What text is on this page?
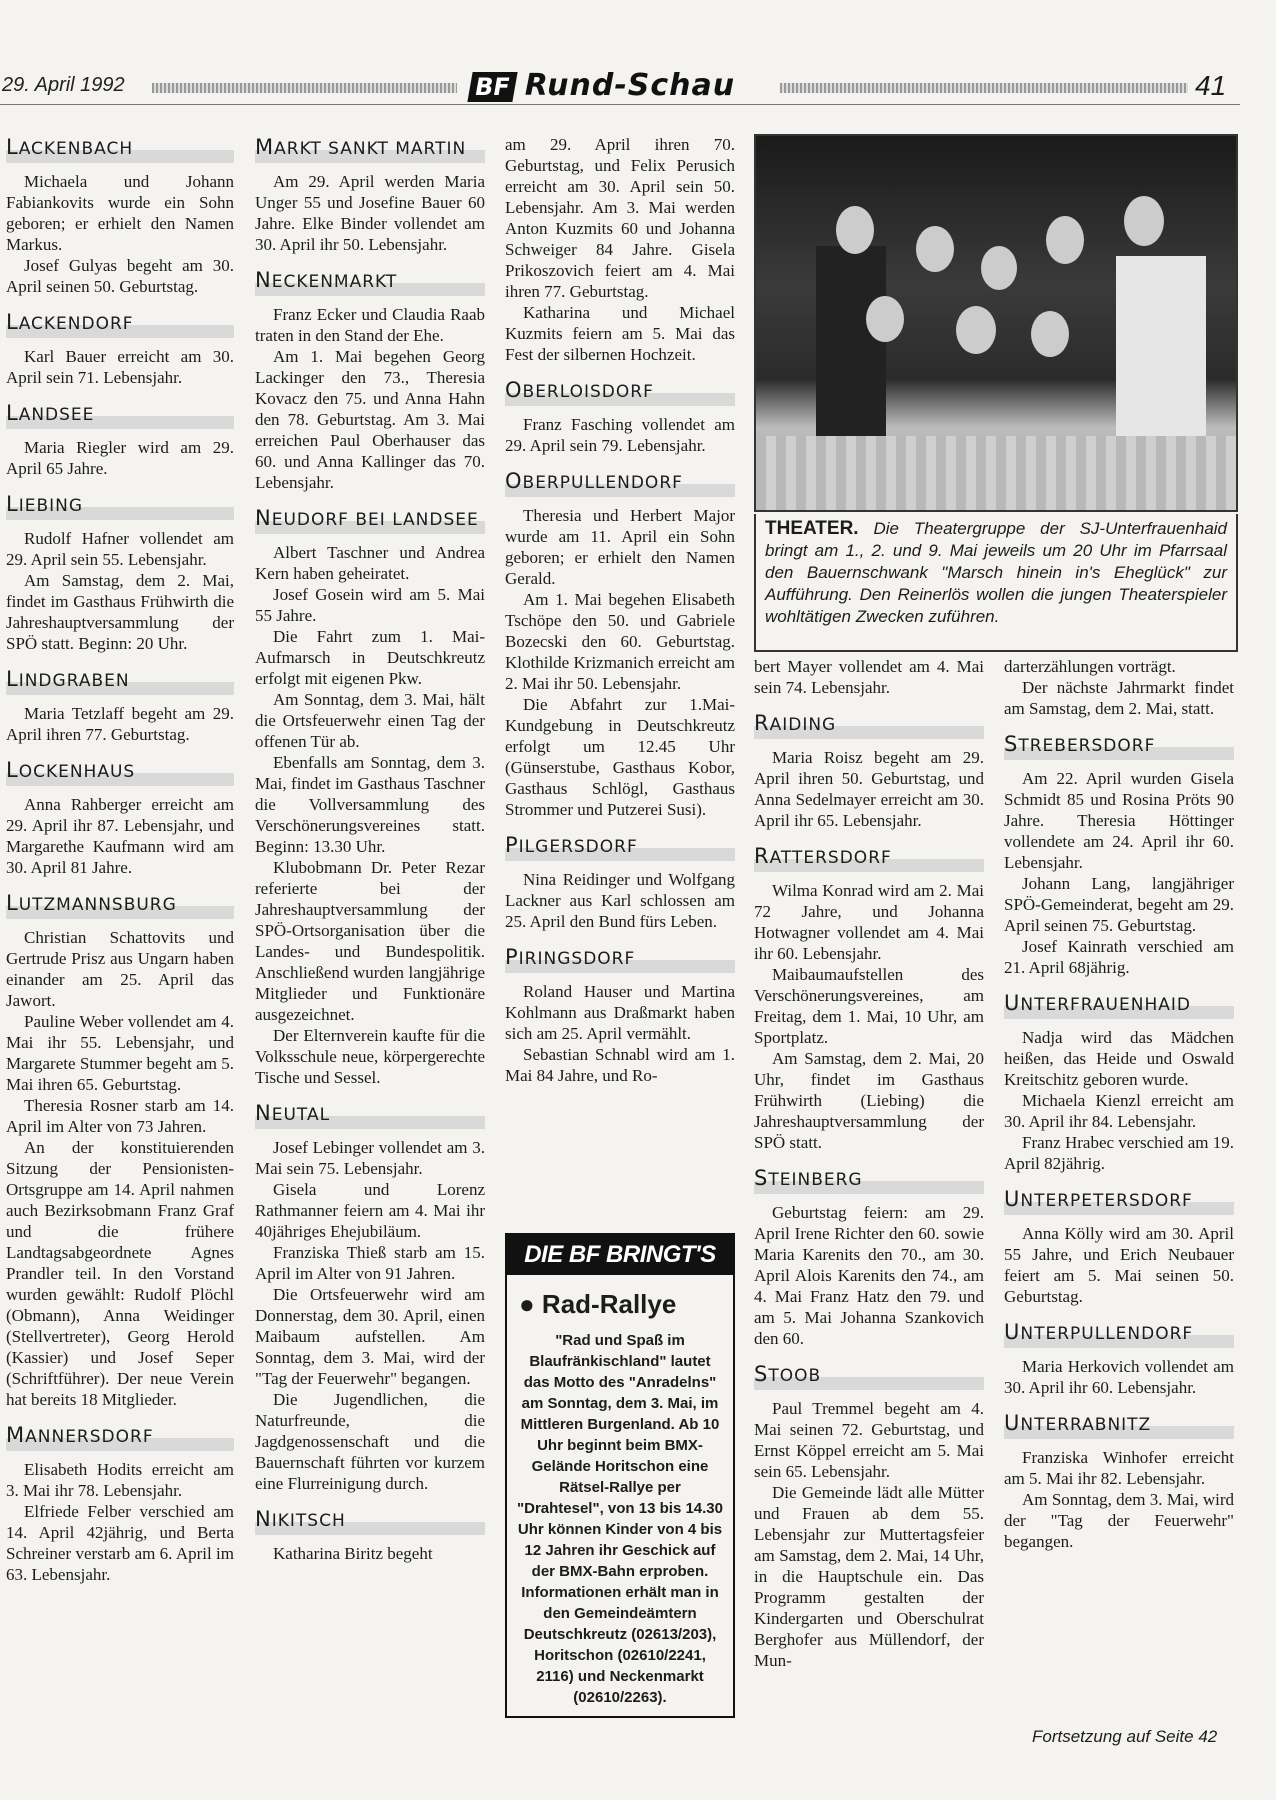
29. April 1992	BF Rund-Schau	41
LACKENBACH

Michaela und Johann Fabiankovits wurde ein Sohn geboren; er erhielt den Namen Markus.

Josef Gulyas begeht am 30. April seinen 50. Geburtstag.

LACKENDORF

Karl Bauer erreicht am 30. April sein 71. Lebensjahr.

LANDSEE

Maria Riegler wird am 29. April 65 Jahre.

LIEBING

Rudolf Hafner vollendet am 29. April sein 55. Lebensjahr.

Am Samstag, dem 2. Mai, findet im Gasthaus Frühwirth die Jahreshauptversammlung der SPÖ statt. Beginn: 20 Uhr.

LINDGRABEN

Maria Tetzlaff begeht am 29. April ihren 77. Geburtstag.

LOCKENHAUS

Anna Rahberger erreicht am 29. April ihr 87. Lebensjahr, und Margarethe Kaufmann wird am 30. April 81 Jahre.

LUTZMANNSBURG

Christian Schattovits und Gertrude Prisz aus Ungarn haben einander am 25. April das Jawort.

Pauline Weber vollendet am 4. Mai ihr 55. Lebensjahr, und Margarete Stummer begeht am 5. Mai ihren 65. Geburtstag.

Theresia Rosner starb am 14. April im Alter von 73 Jahren.

An der konstituierenden Sitzung der Pensionisten-Ortsgruppe am 14. April nahmen auch Bezirksobmann Franz Graf und die frühere Landtagsabgeordnete Agnes Prandler teil. In den Vorstand wurden gewählt: Rudolf Plöchl (Obmann), Anna Weidinger (Stellvertreter), Georg Herold (Kassier) und Josef Seper (Schriftführer). Der neue Verein hat bereits 18 Mitglieder.

MANNERSDORF

Elisabeth Hodits erreicht am 3. Mai ihr 78. Lebensjahr.

Elfriede Felber verschied am 14. April 42jährig, und Berta Schreiner verstarb am 6. April im 63. Lebensjahr.

MARKT SANKT MARTIN

Am 29. April werden Maria Unger 55 und Josefine Bauer 60 Jahre. Elke Binder vollendet am 30. April ihr 50. Lebensjahr.

NECKENMARKT

Franz Ecker und Claudia Raab traten in den Stand der Ehe.

Am 1. Mai begehen Georg Lackinger den 73., Theresia Kovacz den 75. und Anna Hahn den 78. Geburtstag. Am 3. Mai erreichen Paul Oberhauser das 60. und Anna Kallinger das 70. Lebensjahr.

NEUDORF BEI LANDSEE

Albert Taschner und Andrea Kern haben geheiratet.

Josef Gosein wird am 5. Mai 55 Jahre.

Die Fahrt zum 1. Mai-Aufmarsch in Deutschkreutz erfolgt mit eigenen Pkw.

Am Sonntag, dem 3. Mai, hält die Ortsfeuerwehr einen Tag der offenen Tür ab.

Ebenfalls am Sonntag, dem 3. Mai, findet im Gasthaus Taschner die Vollversammlung des Verschönerungsvereines statt. Beginn: 13.30 Uhr.

Klubobmann Dr. Peter Rezar referierte bei der Jahreshauptversammlung der SPÖ-Ortsorganisation über die Landes- und Bundespolitik. Anschließend wurden langjährige Mitglieder und Funktionäre ausgezeichnet.

Der Elternverein kaufte für die Volksschule neue, körpergerechte Tische und Sessel.

NEUTAL

Josef Lebinger vollendet am 3. Mai sein 75. Lebensjahr.

Gisela und Lorenz Rathmanner feiern am 4. Mai ihr 40jähriges Ehejubiläum.

Franziska Thieß starb am 15. April im Alter von 91 Jahren.

Die Ortsfeuerwehr wird am Donnerstag, dem 30. April, einen Maibaum aufstellen. Am Sonntag, dem 3. Mai, wird der "Tag der Feuerwehr" begangen.

Die Jugendlichen, die Naturfreunde, die Jagdgenossenschaft und die Bauernschaft führten vor kurzem eine Flurreinigung durch.

NIKITSCH

Katharina Biritz begeht

am 29. April ihren 70. Geburtstag, und Felix Perusich erreicht am 30. April sein 50. Lebensjahr. Am 3. Mai werden Anton Kuzmits 60 und Johanna Schweiger 84 Jahre. Gisela Prikoszovich feiert am 4. Mai ihren 77. Geburtstag.

Katharina und Michael Kuzmits feiern am 5. Mai das Fest der silbernen Hochzeit.

OBERLOISDORF

Franz Fasching vollendet am 29. April sein 79. Lebensjahr.

OBERPULLENDORF

Theresia und Herbert Major wurde am 11. April ein Sohn geboren; er erhielt den Namen Gerald.

Am 1. Mai begehen Elisabeth Tschöpe den 50. und Gabriele Bozecski den 60. Geburtstag. Klothilde Krizmanich erreicht am 2. Mai ihr 50. Lebensjahr.

Die Abfahrt zur 1.Mai-Kundgebung in Deutschkreutz erfolgt um 12.45 Uhr (Günserstube, Gasthaus Kobor, Gasthaus Schlögl, Gasthaus Strommer und Putzerei Susi).

PILGERSDORF

Nina Reidinger und Wolfgang Lackner aus Karl schlossen am 25. April den Bund fürs Leben.

PIRINGSDORF

Roland Hauser und Martina Kohlmann aus Draßmarkt haben sich am 25. April vermählt.

Sebastian Schnabl wird am 1. Mai 84 Jahre, und Ro-

bert Mayer vollendet am 4. Mai sein 74. Lebensjahr.

RAIDING

Maria Roisz begeht am 29. April ihren 50. Geburtstag, und Anna Sedelmayer erreicht am 30. April ihr 65. Lebensjahr.

RATTERSDORF

Wilma Konrad wird am 2. Mai 72 Jahre, und Johanna Hotwagner vollendet am 4. Mai ihr 60. Lebensjahr.

Maibaumaufstellen des Verschönerungsvereines, am Freitag, dem 1. Mai, 10 Uhr, am Sportplatz.

Am Samstag, dem 2. Mai, 20 Uhr, findet im Gasthaus Frühwirth (Liebing) die Jahreshauptversammlung der SPÖ statt.

STEINBERG

Geburtstag feiern: am 29. April Irene Richter den 60. sowie Maria Karenits den 70., am 30. April Alois Karenits den 74., am 4. Mai Franz Hatz den 79. und am 5. Mai Johanna Szankovich den 60.

STOOB

Paul Tremmel begeht am 4. Mai seinen 72. Geburtstag, und Ernst Köppel erreicht am 5. Mai sein 65. Lebensjahr.

Die Gemeinde lädt alle Mütter und Frauen ab dem 55. Lebensjahr zur Muttertagsfeier am Samstag, dem 2. Mai, 14 Uhr, in die Hauptschule ein. Das Programm gestalten der Kindergarten und Oberschulrat Berghofer aus Müllendorf, der Mun-

darterzählungen vorträgt.

Der nächste Jahrmarkt findet am Samstag, dem 2. Mai, statt.

STREBERSDORF

Am 22. April wurden Gisela Schmidt 85 und Rosina Pröts 90 Jahre. Theresia Höttinger vollendete am 24. April ihr 60. Lebensjahr.

Johann Lang, langjähriger SPÖ-Gemeinderat, begeht am 29. April seinen 75. Geburtstag.

Josef Kainrath verschied am 21. April 68jährig.

UNTERFRAUENHAID

Nadja wird das Mädchen heißen, das Heide und Oswald Kreitschitz geboren wurde.

Michaela Kienzl erreicht am 30. April ihr 84. Lebensjahr.

Franz Hrabec verschied am 19. April 82jährig.

UNTERPETERSDORF

Anna Kölly wird am 30. April 55 Jahre, und Erich Neubauer feiert am 5. Mai seinen 50. Geburtstag.

UNTERPULLENDORF

Maria Herkovich vollendet am 30. April ihr 60. Lebensjahr.

UNTERRABNITZ

Franziska Winhofer erreicht am 5. Mai ihr 82. Lebensjahr.

Am Sonntag, dem 3. Mai, wird der "Tag der Feuerwehr" begangen.

THEATER. Die Theatergruppe der SJ-Unterfrauenhaid bringt am 1., 2. und 9. Mai jeweils um 20 Uhr im Pfarrsaal den Bauernschwank "Marsch hinein in's Eheglück" zur Aufführung. Den Reinerlös wollen die jungen Theaterspieler wohltätigen Zwecken zuführen.
DIE BF BRINGT'S
● Rad-Rallye
"Rad und Spaß im Blaufränkischland" lautet das Motto des "Anradelns" am Sonntag, dem 3. Mai, im Mittleren Burgenland. Ab 10 Uhr beginnt beim BMX-Gelände Horitschon eine Rätsel-Rallye per "Drahtesel", von 13 bis 14.30 Uhr können Kinder von 4 bis 12 Jahren ihr Geschick auf der BMX-Bahn erproben. Informationen erhält man in den Gemeindeämtern Deutschkreutz (02613/203), Horitschon (02610/2241, 2116) und Neckenmarkt (02610/2263).
Fortsetzung auf Seite 42
